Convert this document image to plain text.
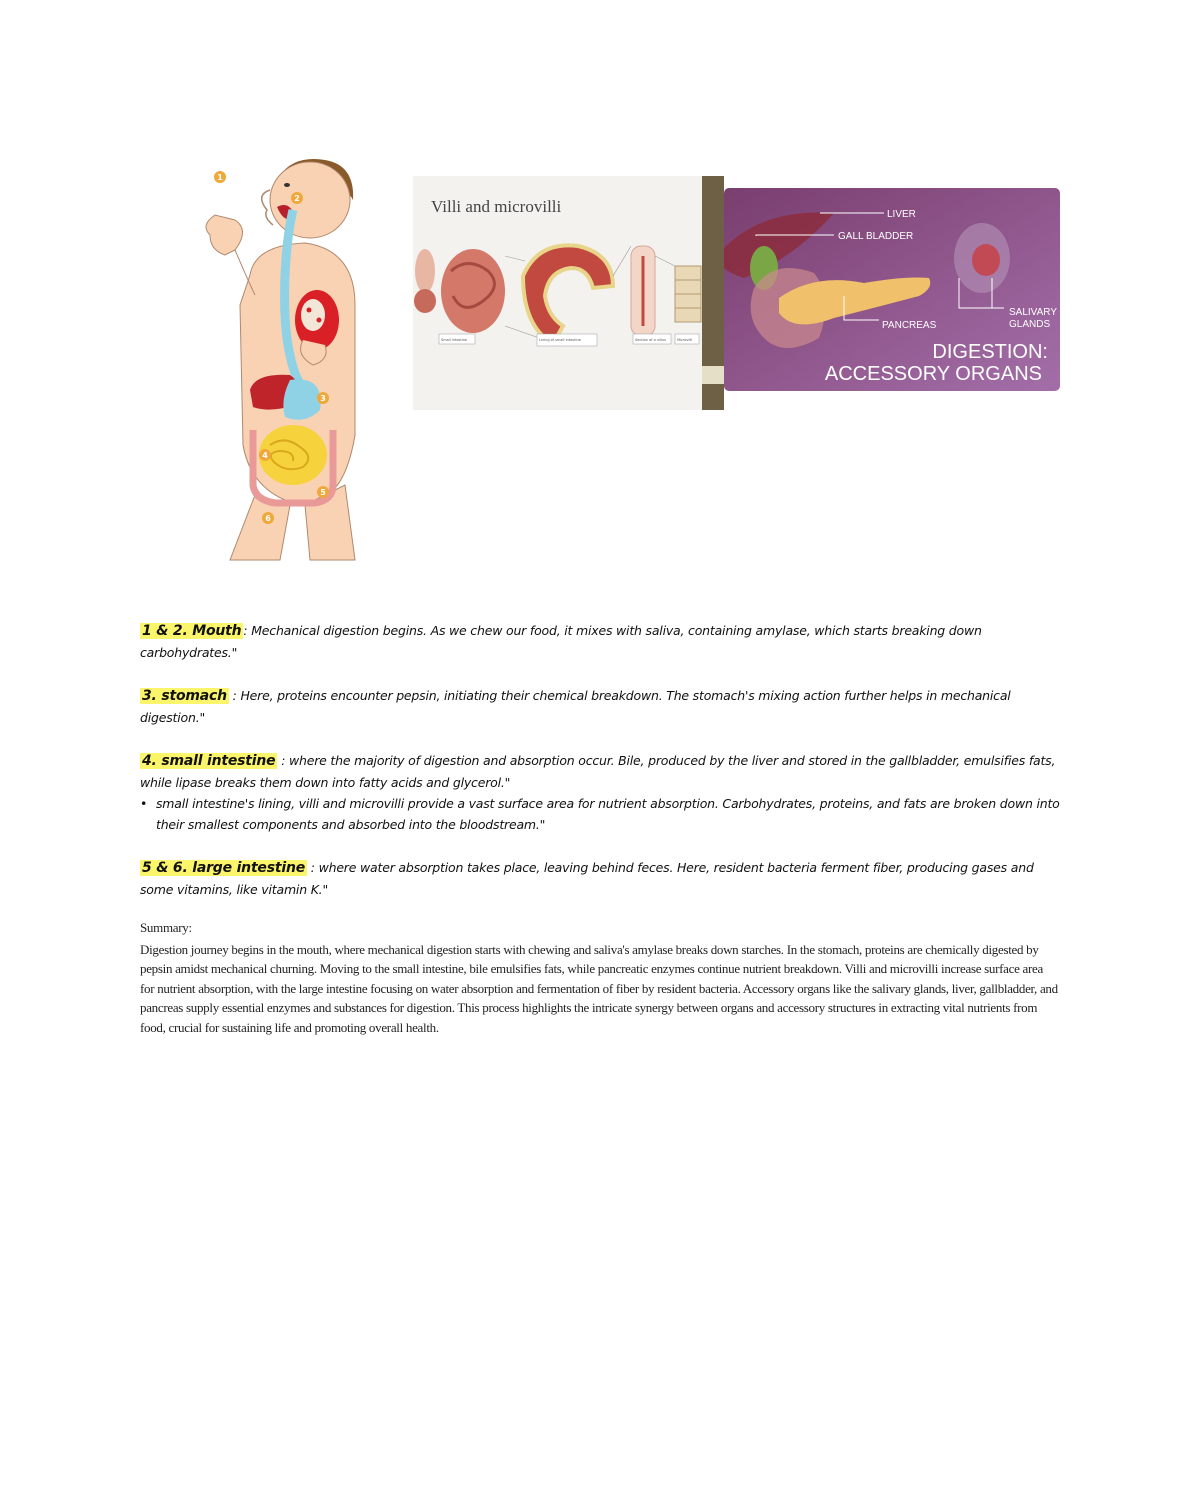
1
2
3
4
5
6
Villi and microvilli
Small intestine	Lining of small intestine	Section of a villus	Microvilli
LIVER
GALL BLADDER
PANCREAS
SALIVARY
GLANDS
DIGESTION:
ACCESSORY ORGANS

1 & 2. Mouth : Mechanical digestion begins. As we chew our food, it mixes with saliva, containing amylase, which starts breaking down carbohydrates."

3. stomach : Here, proteins encounter pepsin, initiating their chemical breakdown. The stomach's mixing action further helps in mechanical digestion."

4. small intestine : where the majority of digestion and absorption occur. Bile, produced by the liver and stored in the gallbladder, emulsifies fats, while lipase breaks them down into fatty acids and glycerol."
• small intestine's lining, villi and microvilli provide a vast surface area for nutrient absorption. Carbohydrates, proteins, and fats are broken down into their smallest components and absorbed into the bloodstream."

5 & 6. large intestine : where water absorption takes place, leaving behind feces. Here, resident bacteria ferment fiber, producing gases and some vitamins, like vitamin K."

Summary:
Digestion journey begins in the mouth, where mechanical digestion starts with chewing and saliva's amylase breaks down starches. In the stomach, proteins are chemically digested by pepsin amidst mechanical churning. Moving to the small intestine, bile emulsifies fats, while pancreatic enzymes continue nutrient breakdown. Villi and microvilli increase surface area for nutrient absorption, with the large intestine focusing on water absorption and fermentation of fiber by resident bacteria. Accessory organs like the salivary glands, liver, gallbladder, and pancreas supply essential enzymes and substances for digestion. This process highlights the intricate synergy between organs and accessory structures in extracting vital nutrients from food, crucial for sustaining life and promoting overall health.
